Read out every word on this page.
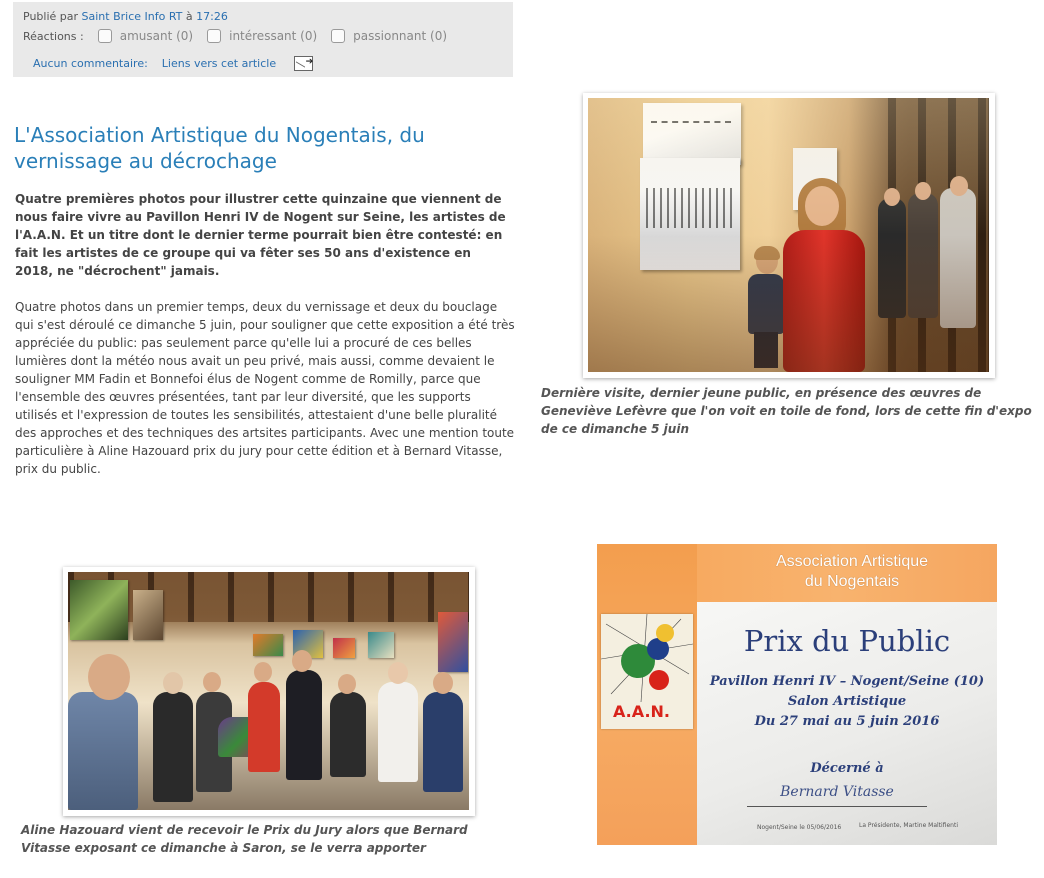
Publié par Saint Brice Info RT à 17:26
Réactions :	amusant (0)	intéressant (0)	passionnant (0)
Aucun commentaire: Liens vers cet article
➔
L'Association Artistique du Nogentais, du vernissage au décrochage
Quatre premières photos pour illustrer cette quinzaine que viennent de nous faire vivre au Pavillon Henri IV de Nogent sur Seine, les artistes de l'A.A.N. Et un titre dont le dernier terme pourrait bien être contesté: en fait les artistes de ce groupe qui va fêter ses 50 ans d'existence en 2018, ne "décrochent" jamais.
Quatre photos dans un premier temps, deux du vernissage et deux du bouclage qui s'est déroulé ce dimanche 5 juin, pour souligner que cette exposition a été très appréciée du public: pas seulement parce qu'elle lui a procuré de ces belles lumières dont la météo nous avait un peu privé, mais aussi, comme devaient le souligner MM Fadin et Bonnefoi élus de Nogent comme de Romilly, parce que l'ensemble des œuvres présentées, tant par leur diversité, que les supports utilisés et l'expression de toutes les sensibilités, attestaient d'une belle pluralité des approches et des techniques des artsites participants. Avec une mention toute particulière à Aline Hazouard prix du jury pour cette édition et à Bernard Vitasse, prix du public.
Dernière visite, dernier jeune public, en présence des œuvres de Geneviève Lefèvre que l'on voit en toile de fond, lors de cette fin d'expo de ce dimanche 5 juin
Aline Hazouard vient de recevoir le Prix du Jury alors que Bernard Vitasse exposant ce dimanche à Saron, se le verra apporter
Association Artistique
du Nogentais
A.A.N.
Prix du Public
Pavillon Henri IV – Nogent/Seine (10)
Salon Artistique
Du 27 mai au 5 juin 2016
Décerné à
Bernard Vitasse
Nogent/Seine le 05/06/2016	La Présidente, Martine Maltifienti
